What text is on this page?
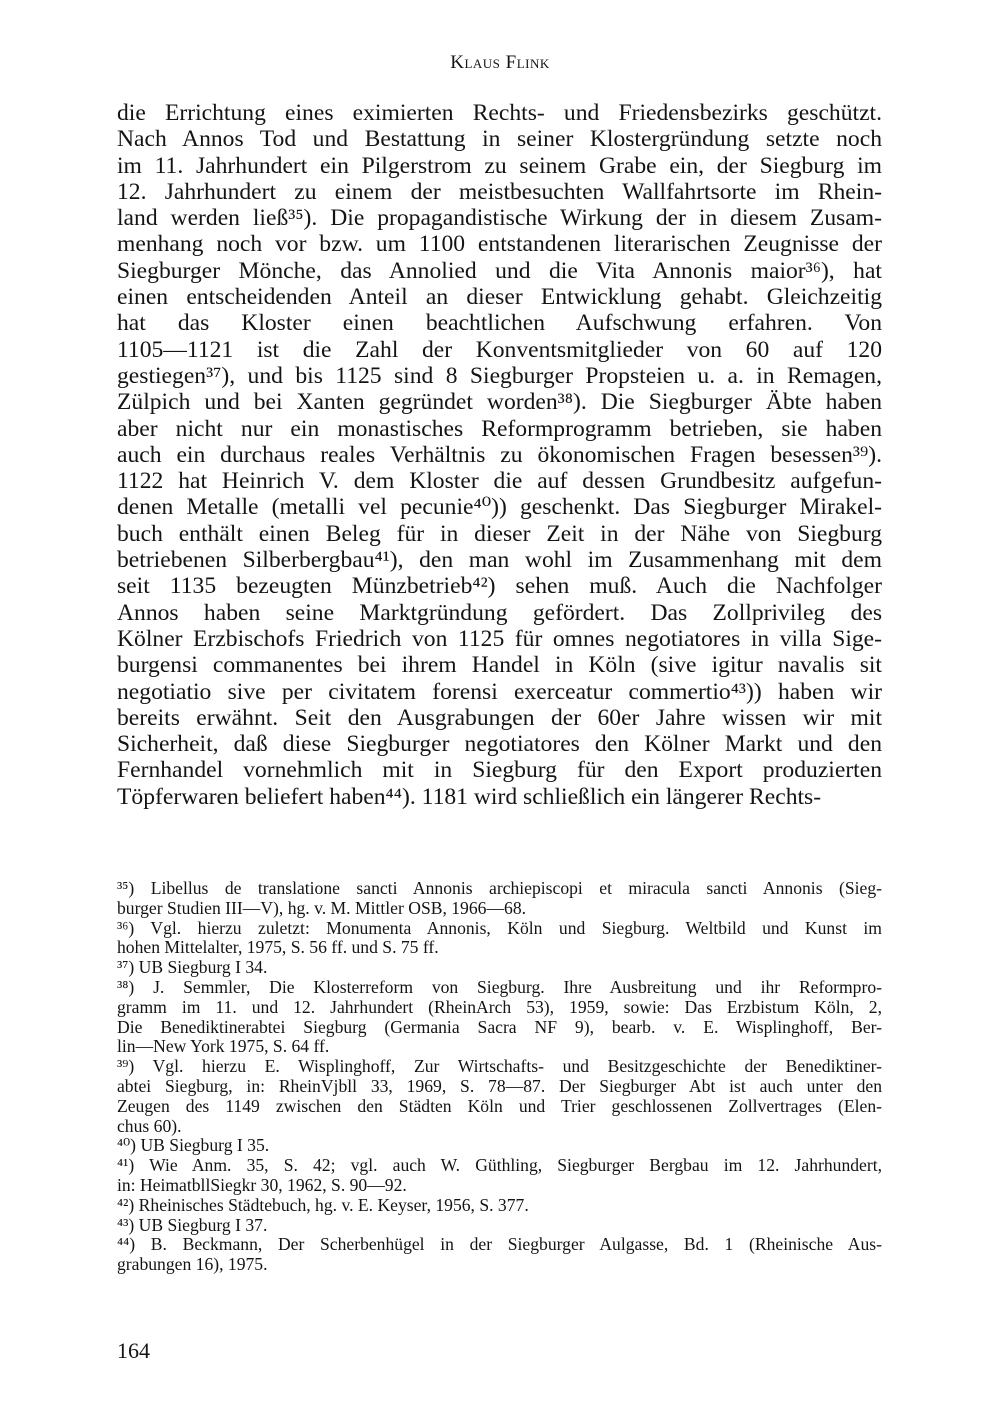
Klaus Flink
die Errichtung eines eximierten Rechts- und Friedensbezirks geschützt.
Nach Annos Tod und Bestattung in seiner Klostergründung setzte noch
im 11. Jahrhundert ein Pilgerstrom zu seinem Grabe ein, der Siegburg im
12. Jahrhundert zu einem der meistbesuchten Wallfahrtsorte im Rhein-
land werden ließ³⁵). Die propagandistische Wirkung der in diesem Zusam-
menhang noch vor bzw. um 1100 entstandenen literarischen Zeugnisse der
Siegburger Mönche, das Annolied und die Vita Annonis maior³⁶), hat
einen entscheidenden Anteil an dieser Entwicklung gehabt. Gleichzeitig
hat das Kloster einen beachtlichen Aufschwung erfahren. Von
1105—1121 ist die Zahl der Konventsmitglieder von 60 auf 120
gestiegen³⁷), und bis 1125 sind 8 Siegburger Propsteien u. a. in Remagen,
Zülpich und bei Xanten gegründet worden³⁸). Die Siegburger Äbte haben
aber nicht nur ein monastisches Reformprogramm betrieben, sie haben
auch ein durchaus reales Verhältnis zu ökonomischen Fragen besessen³⁹).
1122 hat Heinrich V. dem Kloster die auf dessen Grundbesitz aufgefun-
denen Metalle (metalli vel pecunie⁴⁰)) geschenkt. Das Siegburger Mirakel-
buch enthält einen Beleg für in dieser Zeit in der Nähe von Siegburg
betriebenen Silberbergbau⁴¹), den man wohl im Zusammenhang mit dem
seit 1135 bezeugten Münzbetrieb⁴²) sehen muß. Auch die Nachfolger
Annos haben seine Marktgründung gefördert. Das Zollprivileg des
Kölner Erzbischofs Friedrich von 1125 für omnes negotiatores in villa Sige-
burgensi commanentes bei ihrem Handel in Köln (sive igitur navalis sit
negotiatio sive per civitatem forensi exerceatur commertio⁴³)) haben wir
bereits erwähnt. Seit den Ausgrabungen der 60er Jahre wissen wir mit
Sicherheit, daß diese Siegburger negotiatores den Kölner Markt und den
Fernhandel vornehmlich mit in Siegburg für den Export produzierten
Töpferwaren beliefert haben⁴⁴). 1181 wird schließlich ein längerer Rechts-
³⁵) Libellus de translatione sancti Annonis archiepiscopi et miracula sancti Annonis (Sieg-
burger Studien III—V), hg. v. M. Mittler OSB, 1966—68.
³⁶) Vgl. hierzu zuletzt: Monumenta Annonis, Köln und Siegburg. Weltbild und Kunst im
hohen Mittelalter, 1975, S. 56 ff. und S. 75 ff.
³⁷) UB Siegburg I 34.
³⁸) J. Semmler, Die Klosterreform von Siegburg. Ihre Ausbreitung und ihr Reformpro-
gramm im 11. und 12. Jahrhundert (RheinArch 53), 1959, sowie: Das Erzbistum Köln, 2,
Die Benediktinerabtei Siegburg (Germania Sacra NF 9), bearb. v. E. Wisplinghoff, Ber-
lin—New York 1975, S. 64 ff.
³⁹) Vgl. hierzu E. Wisplinghoff, Zur Wirtschafts- und Besitzgeschichte der Benediktiner-
abtei Siegburg, in: RheinVjbll 33, 1969, S. 78—87. Der Siegburger Abt ist auch unter den
Zeugen des 1149 zwischen den Städten Köln und Trier geschlossenen Zollvertrages (Elen-
chus 60).
⁴⁰) UB Siegburg I 35.
⁴¹) Wie Anm. 35, S. 42; vgl. auch W. Güthling, Siegburger Bergbau im 12. Jahrhundert,
in: HeimatbllSiegkr 30, 1962, S. 90—92.
⁴²) Rheinisches Städtebuch, hg. v. E. Keyser, 1956, S. 377.
⁴³) UB Siegburg I 37.
⁴⁴) B. Beckmann, Der Scherbenhügel in der Siegburger Aulgasse, Bd. 1 (Rheinische Aus-
grabungen 16), 1975.
164
